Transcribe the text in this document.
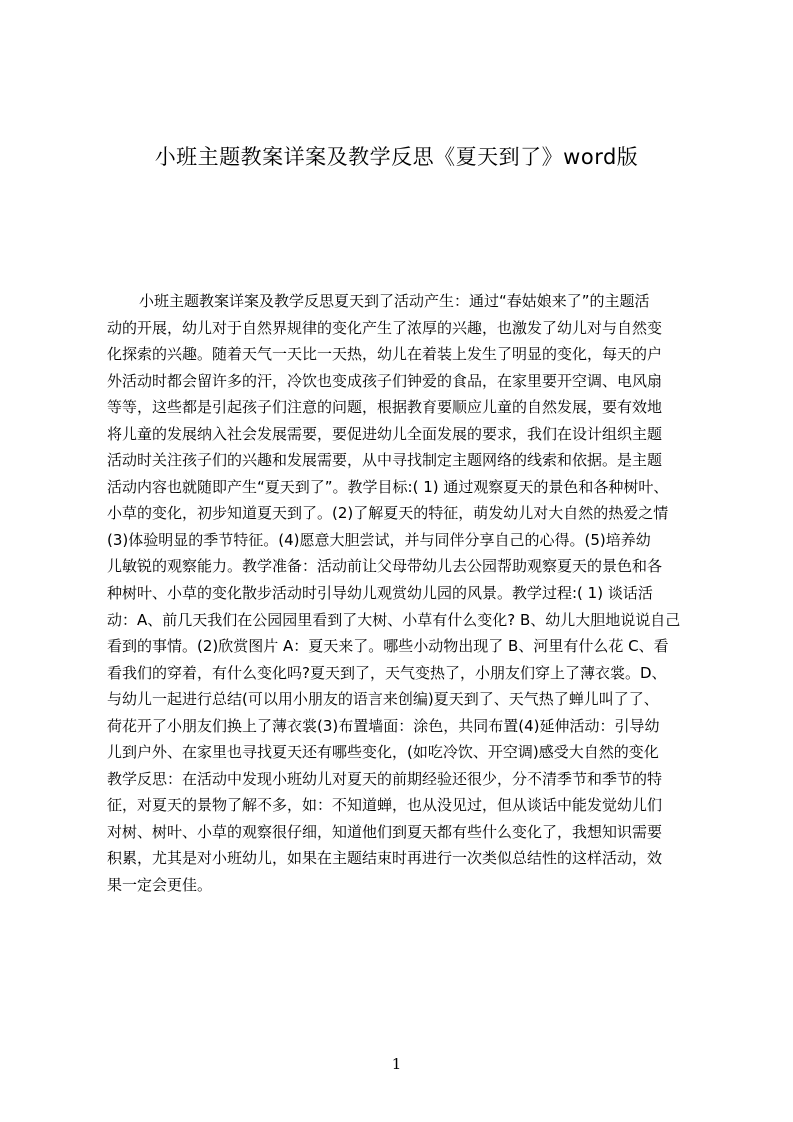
小班主题教案详案及教学反思《夏天到了》word版
小班主题教案详案及教学反思夏天到了活动产生：通过“春姑娘来了”的主题活
动的开展，幼儿对于自然界规律的变化产生了浓厚的兴趣，也激发了幼儿对与自然变
化探索的兴趣。随着天气一天比一天热，幼儿在着装上发生了明显的变化，每天的户
外活动时都会留许多的汗，冷饮也变成孩子们钟爱的食品，在家里要开空调、电风扇
等等，这些都是引起孩子们注意的问题，根据教育要顺应儿童的自然发展，要有效地
将儿童的发展纳入社会发展需要，要促进幼儿全面发展的要求，我们在设计组织主题
活动时关注孩子们的兴趣和发展需要，从中寻找制定主题网络的线索和依据。是主题
活动内容也就随即产生“夏天到了”。教学目标:( 1) 通过观察夏天的景色和各种树叶、
小草的变化，初步知道夏天到了。(2)了解夏天的特征，萌发幼儿对大自然的热爱之情
(3)体验明显的季节特征。(4)愿意大胆尝试，并与同伴分享自己的心得。(5)培养幼
儿敏锐的观察能力。教学准备：活动前让父母带幼儿去公园帮助观察夏天的景色和各
种树叶、小草的变化散步活动时引导幼儿观赏幼儿园的风景。教学过程:( 1) 谈话活
动：A、前几天我们在公园园里看到了大树、小草有什么变化? B、幼儿大胆地说说自己
看到的事情。(2)欣赏图片 A：夏天来了。哪些小动物出现了 B、河里有什么花 C、看
看我们的穿着，有什么变化吗?夏天到了，天气变热了，小朋友们穿上了薄衣裳。D、
与幼儿一起进行总结(可以用小朋友的语言来创编)夏天到了、天气热了蝉儿叫了了、
荷花开了小朋友们换上了薄衣裳(3)布置墙面：涂色，共同布置(4)延伸活动：引导幼
儿到户外、在家里也寻找夏天还有哪些变化，(如吃冷饮、开空调)感受大自然的变化
教学反思：在活动中发现小班幼儿对夏天的前期经验还很少，分不清季节和季节的特
征，对夏天的景物了解不多，如：不知道蝉，也从没见过，但从谈话中能发觉幼儿们
对树、树叶、小草的观察很仔细，知道他们到夏天都有些什么变化了，我想知识需要
积累，尤其是对小班幼儿，如果在主题结束时再进行一次类似总结性的这样活动，效
果一定会更佳。
1
